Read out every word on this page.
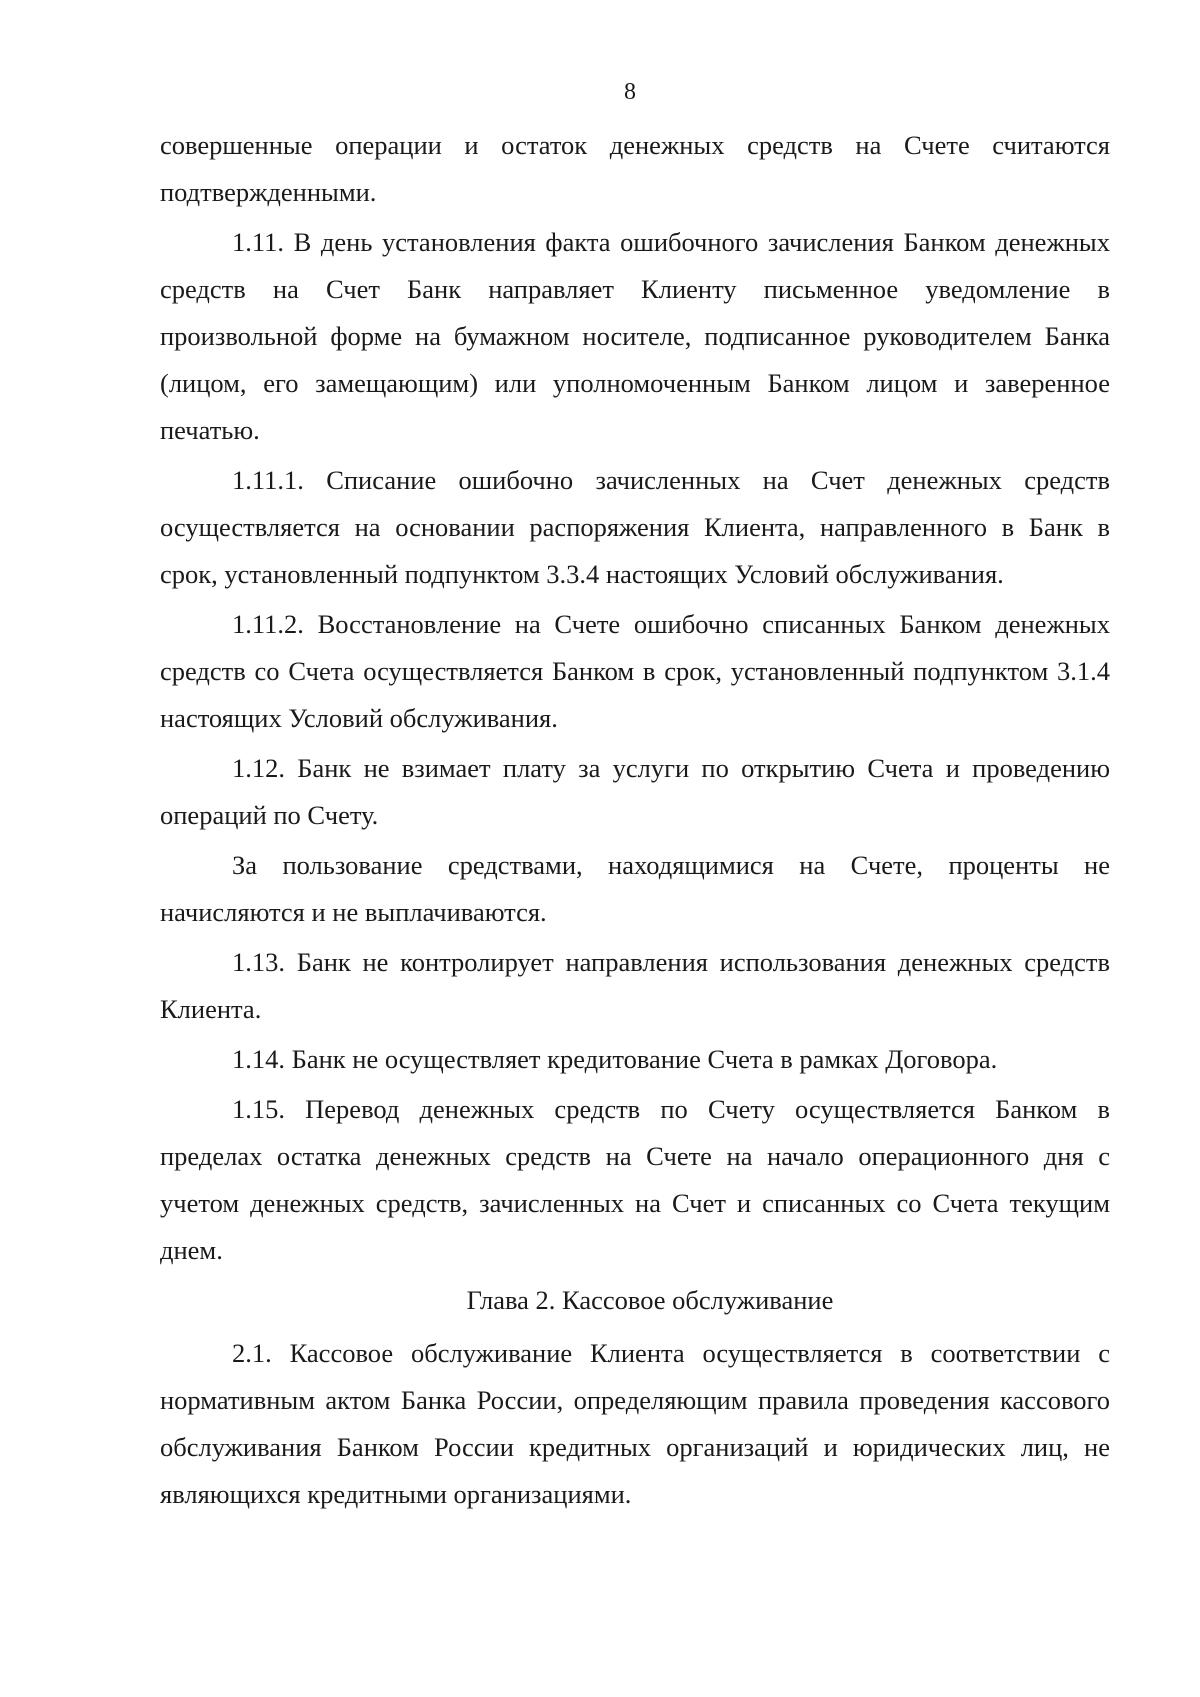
8

совершенные операции и остаток денежных средств на Счете считаются подтвержденными.

1.11. В день установления факта ошибочного зачисления Банком денежных средств на Счет Банк направляет Клиенту письменное уведомление в произвольной форме на бумажном носителе, подписанное руководителем Банка (лицом, его замещающим) или уполномоченным Банком лицом и заверенное печатью.

1.11.1. Списание ошибочно зачисленных на Счет денежных средств осуществляется на основании распоряжения Клиента, направленного в Банк в срок, установленный подпунктом 3.3.4 настоящих Условий обслуживания.

1.11.2. Восстановление на Счете ошибочно списанных Банком денежных средств со Счета осуществляется Банком в срок, установленный подпунктом 3.1.4 настоящих Условий обслуживания.

1.12. Банк не взимает плату за услуги по открытию Счета и проведению операций по Счету.

За пользование средствами, находящимися на Счете, проценты не начисляются и не выплачиваются.

1.13. Банк не контролирует направления использования денежных средств Клиента.

1.14. Банк не осуществляет кредитование Счета в рамках Договора.

1.15. Перевод денежных средств по Счету осуществляется Банком в пределах остатка денежных средств на Счете на начало операционного дня с учетом денежных средств, зачисленных на Счет и списанных со Счета текущим днем.

Глава 2. Кассовое обслуживание

2.1. Кассовое обслуживание Клиента осуществляется в соответствии с нормативным актом Банка России, определяющим правила проведения кассового обслуживания Банком России кредитных организаций и юридических лиц, не являющихся кредитными организациями.
